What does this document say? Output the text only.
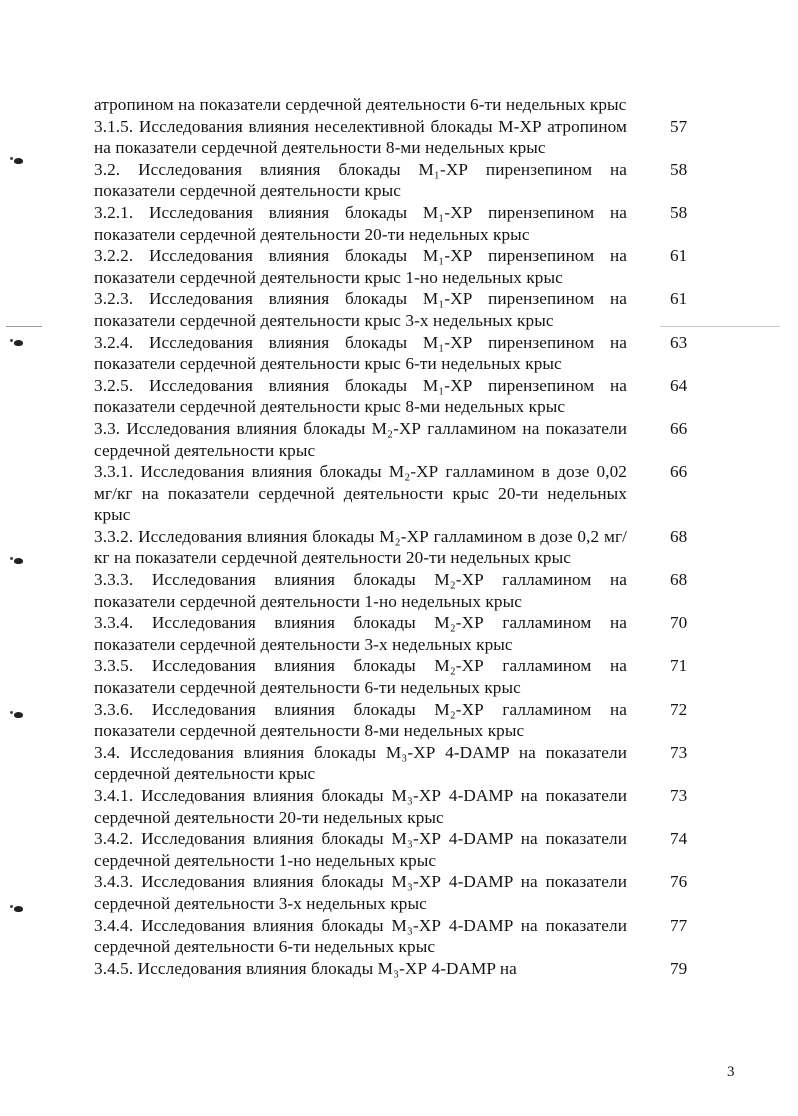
атропином на показатели сердечной деятельности 6-ти недельных крыс
3.1.5. Исследования влияния неселективной блокады М-ХР атропином на показатели сердечной деятельности 8-ми недельных крыс
57
3.2. Исследования влияния блокады М₁-ХР пирензепином на показатели сердечной деятельности крыс
58
3.2.1. Исследования влияния блокады М₁-ХР пирензепином на показатели сердечной деятельности 20-ти недельных крыс
58
3.2.2. Исследования влияния блокады М₁-ХР пирензепином на показатели сердечной деятельности крыс 1-но недельных крыс
61
3.2.3. Исследования влияния блокады М₁-ХР пирензепином на показатели сердечной деятельности крыс 3-х недельных крыс
61
3.2.4. Исследования влияния блокады М₁-ХР пирензепином на показатели сердечной деятельности крыс 6-ти недельных крыс
63
3.2.5. Исследования влияния блокады М₁-ХР пирензепином на показатели сердечной деятельности крыс 8-ми недельных крыс
64
3.3. Исследования влияния блокады М₂-ХР галламином на показатели сердечной деятельности крыс
66
3.3.1. Исследования влияния блокады М₂-ХР галламином в дозе 0,02 мг/кг на показатели сердечной деятельности крыс 20-ти недельных крыс
66
3.3.2. Исследования влияния блокады М₂-ХР галламином в дозе 0,2 мг/кг на показатели сердечной деятельности 20-ти недельных крыс
68
3.3.3. Исследования влияния блокады М₂-ХР галламином на показатели сердечной деятельности 1-но недельных крыс
68
3.3.4. Исследования влияния блокады М₂-ХР галламином на показатели сердечной деятельности 3-х недельных крыс
70
3.3.5. Исследования влияния блокады М₂-ХР галламином на показатели сердечной деятельности 6-ти недельных крыс
71
3.3.6. Исследования влияния блокады М₂-ХР галламином на показатели сердечной деятельности 8-ми недельных крыс
72
3.4. Исследования влияния блокады М₃-ХР 4-DAMP на показатели сердечной деятельности крыс
73
3.4.1. Исследования влияния блокады М₃-ХР 4-DAMP на показатели сердечной деятельности 20-ти недельных крыс
73
3.4.2. Исследования влияния блокады М₃-ХР 4-DAMP на показатели сердечной деятельности 1-но недельных крыс
74
3.4.3. Исследования влияния блокады М₃-ХР 4-DAMP на показатели сердечной деятельности 3-х недельных крыс
76
3.4.4. Исследования влияния блокады М₃-ХР 4-DAMP на показатели сердечной деятельности 6-ти недельных крыс
77
3.4.5. Исследования влияния блокады М₃-ХР 4-DAMP на	79
3
